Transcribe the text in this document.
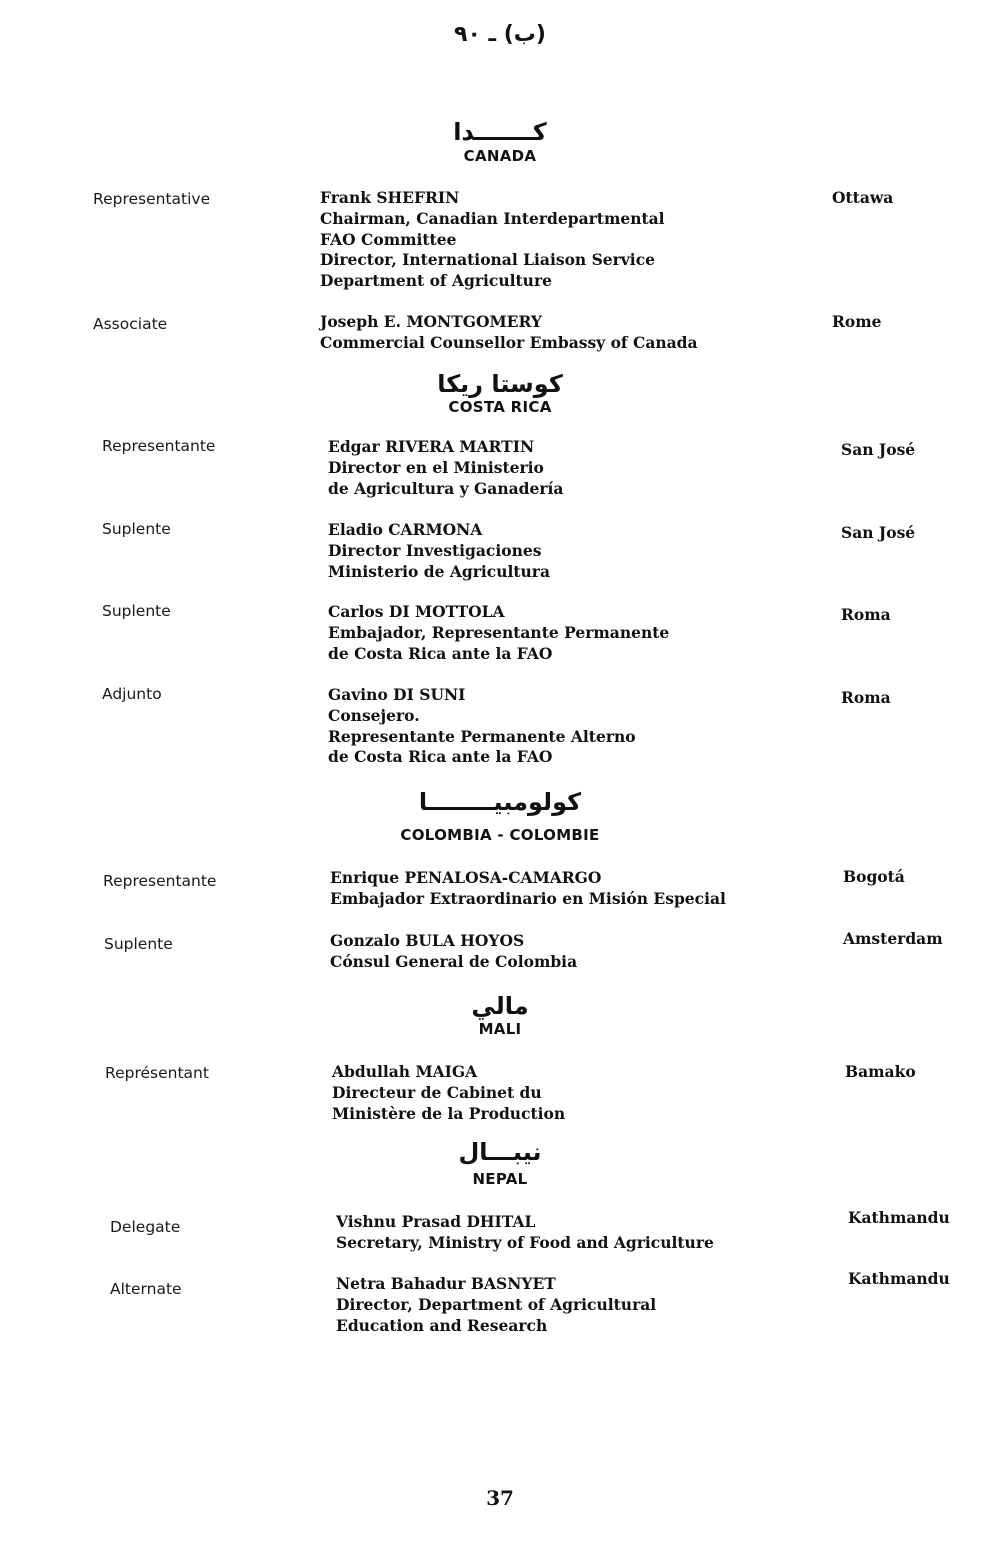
(ب) ـ ٩٠
كـــــــدا
CANADA
Representative	Frank SHEFRIN
Chairman, Canadian Interdepartmental
FAO Committee
Director, International Liaison Service
Department of Agriculture
Ottawa
Associate	Joseph E. MONTGOMERY
Commercial Counsellor Embassy of Canada
Rome
كوستا ريكا
COSTA RICA
Representante	Edgar RIVERA MARTIN
Director en el Ministerio
de Agricultura y Ganadería
San José
Suplente	Eladio CARMONA
Director Investigaciones
Ministerio de Agricultura
San José
Suplente	Carlos DI MOTTOLA
Embajador, Representante Permanente
de Costa Rica ante la FAO
Roma
Adjunto	Gavino DI SUNI
Consejero.
Representante Permanente Alterno
de Costa Rica ante la FAO
Roma
كولومبيــــــــا
COLOMBIA - COLOMBIE
Representante	Enrique PENALOSA-CAMARGO
Embajador Extraordinario en Misión Especial
Bogotá
Suplente	Gonzalo BULA HOYOS
Cónsul General de Colombia
Amsterdam
مالي
MALI
Représentant	Abdullah MAIGA
Directeur de Cabinet du
Ministère de la Production
Bamako
نيبـــال
NEPAL
Delegate	Vishnu Prasad DHITAL
Secretary, Ministry of Food and Agriculture
Kathmandu
Alternate	Netra Bahadur BASNYET
Director, Department of Agricultural
Education and Research
Kathmandu
37
